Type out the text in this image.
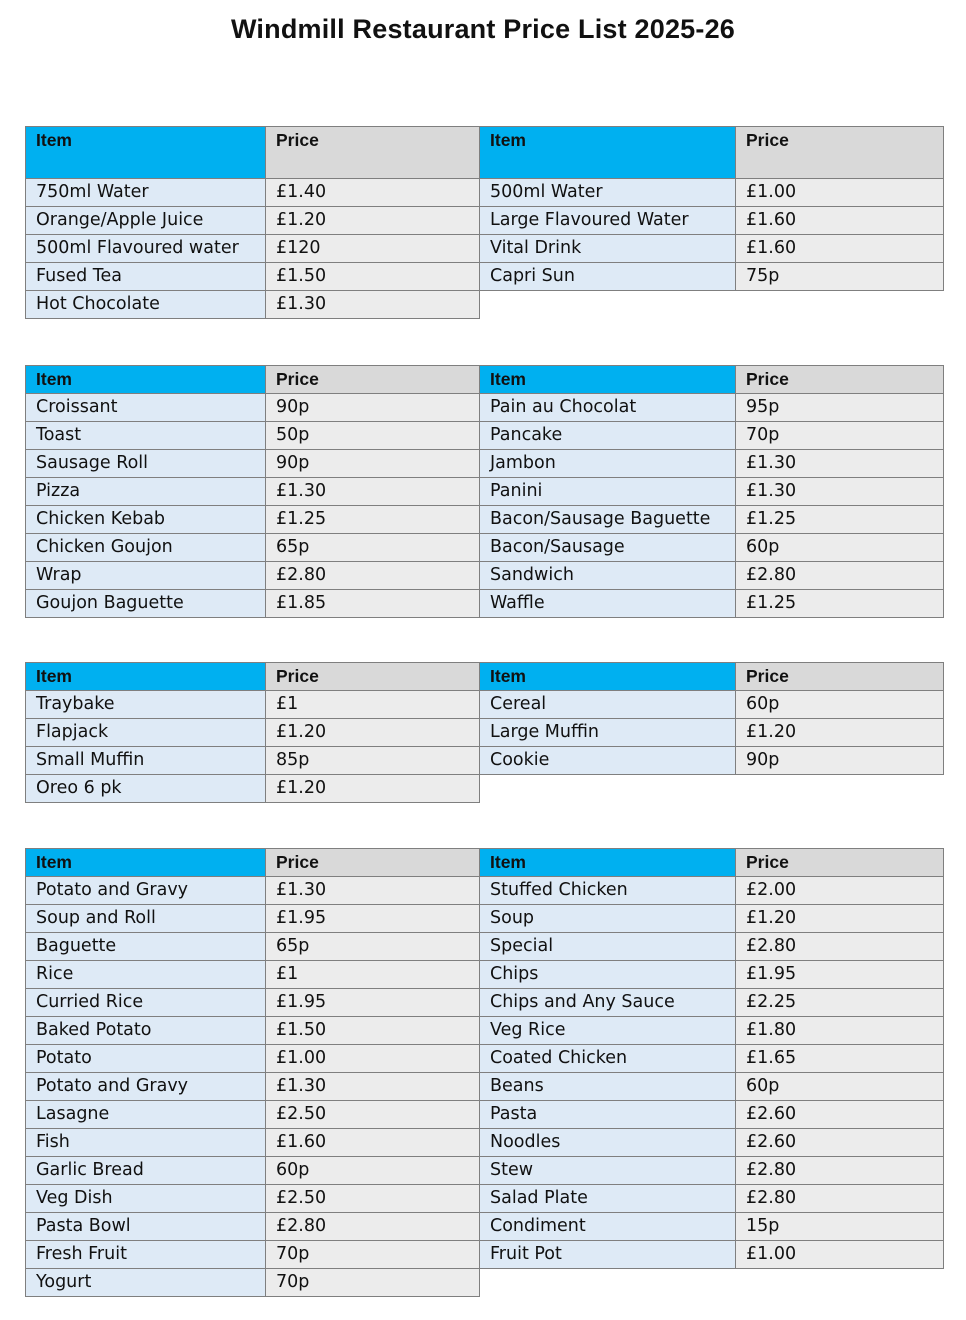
Windmill Restaurant Price List 2025-26
Item	Price
750ml Water	£1.40
Orange/Apple Juice	£1.20
500ml Flavoured water	£120
Fused Tea	£1.50
Hot Chocolate	£1.30
Item	Price
500ml Water	£1.00
Large Flavoured Water	£1.60
Vital Drink	£1.60
Capri Sun	75p
Item	Price
Croissant	90p
Toast	50p
Sausage Roll	90p
Pizza	£1.30
Chicken Kebab	£1.25
Chicken Goujon	65p
Wrap	£2.80
Goujon Baguette	£1.85
Item	Price
Pain au Chocolat	95p
Pancake	70p
Jambon	£1.30
Panini	£1.30
Bacon/Sausage Baguette	£1.25
Bacon/Sausage	60p
Sandwich	£2.80
Waffle	£1.25
Item	Price
Traybake	£1
Flapjack	£1.20
Small Muffin	85p
Oreo 6 pk	£1.20
Item	Price
Cereal	60p
Large Muffin	£1.20
Cookie	90p
Item	Price
Potato and Gravy	£1.30
Soup and Roll	£1.95
Baguette	65p
Rice	£1
Curried Rice	£1.95
Baked Potato	£1.50
Potato	£1.00
Potato and Gravy	£1.30
Lasagne	£2.50
Fish	£1.60
Garlic Bread	60p
Veg Dish	£2.50
Pasta Bowl	£2.80
Fresh Fruit	70p
Yogurt	70p
Item	Price
Stuffed Chicken	£2.00
Soup	£1.20
Special	£2.80
Chips	£1.95
Chips and Any Sauce	£2.25
Veg Rice	£1.80
Coated Chicken	£1.65
Beans	60p
Pasta	£2.60
Noodles	£2.60
Stew	£2.80
Salad Plate	£2.80
Condiment	15p
Fruit Pot	£1.00
